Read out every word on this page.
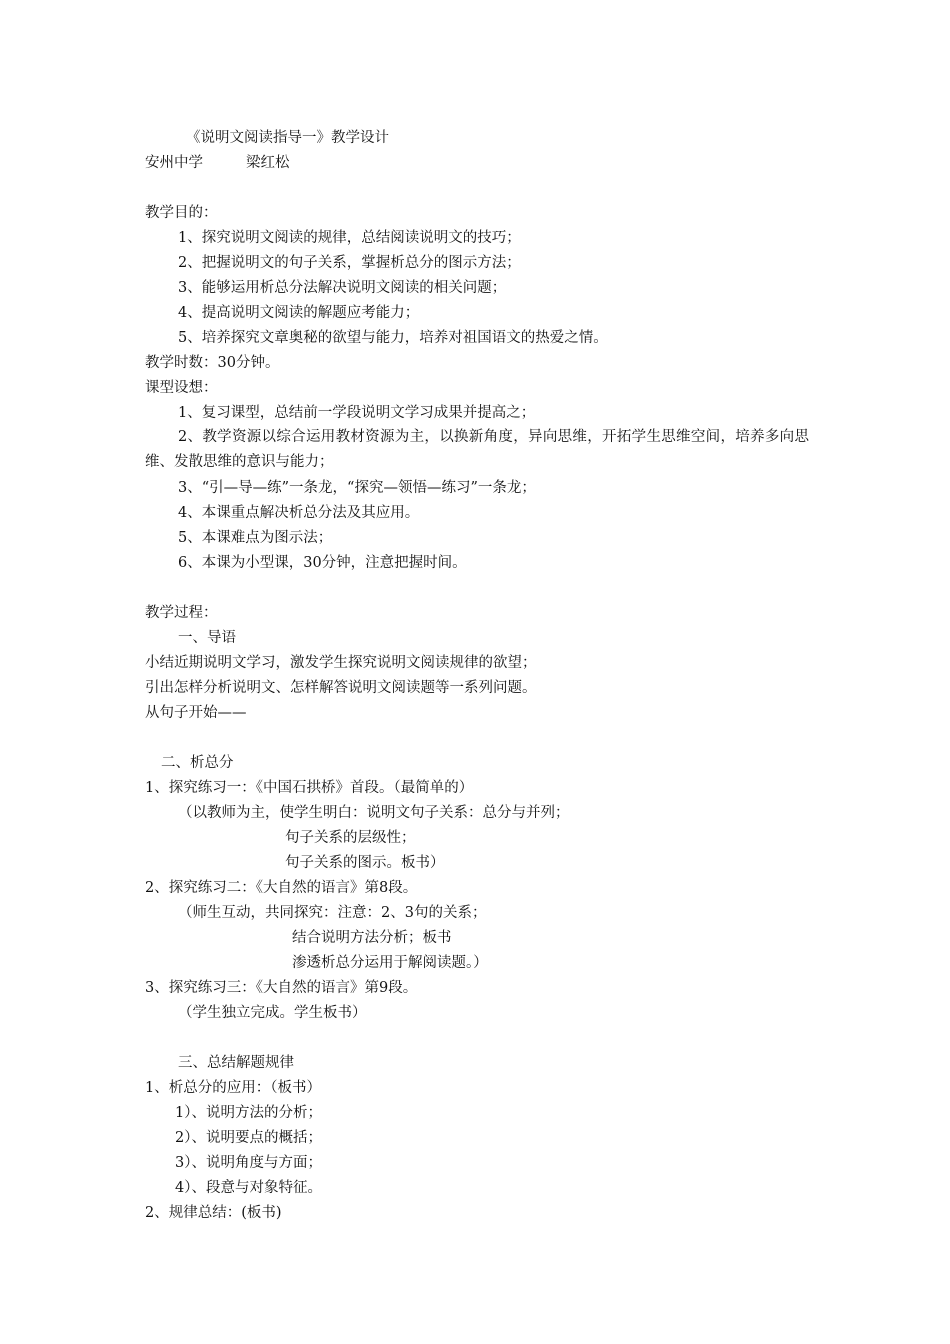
《说明文阅读指导一》教学设计
安州中学	梁红松
教学目的：
1、探究说明文阅读的规律，总结阅读说明文的技巧；
2、把握说明文的句子关系，掌握析总分的图示方法；
3、能够运用析总分法解决说明文阅读的相关问题；
4、提高说明文阅读的解题应考能力；
5、培养探究文章奥秘的欲望与能力，培养对祖国语文的热爱之情。
教学时数：30分钟。
课型设想：
1、复习课型，总结前一学段说明文学习成果并提高之；
2、教学资源以综合运用教材资源为主，以换新角度，异向思维，开拓学生思维空间，培养多向思维、发散思维的意识与能力；
3、“引—导—练”一条龙，“探究—领悟—练习”一条龙；
4、本课重点解决析总分法及其应用。
5、本课难点为图示法；
6、本课为小型课，30分钟，注意把握时间。
教学过程：
一、导语
小结近期说明文学习，激发学生探究说明文阅读规律的欲望；
引出怎样分析说明文、怎样解答说明文阅读题等一系列问题。
从句子开始——
二、析总分
1、探究练习一：《中国石拱桥》首段。（最简单的）
（以教师为主，使学生明白：说明文句子关系：总分与并列；
句子关系的层级性；
句子关系的图示。板书）
2、探究练习二：《大自然的语言》第8段。
（师生互动，共同探究：注意：2、3句的关系；
结合说明方法分析；板书
渗透析总分运用于解阅读题。）
3、探究练习三：《大自然的语言》第9段。
（学生独立完成。学生板书）
三、总结解题规律
1、析总分的应用：（板书）
1）、说明方法的分析；
2）、说明要点的概括；
3）、说明角度与方面；
4）、段意与对象特征。
2、规律总结：(板书)
